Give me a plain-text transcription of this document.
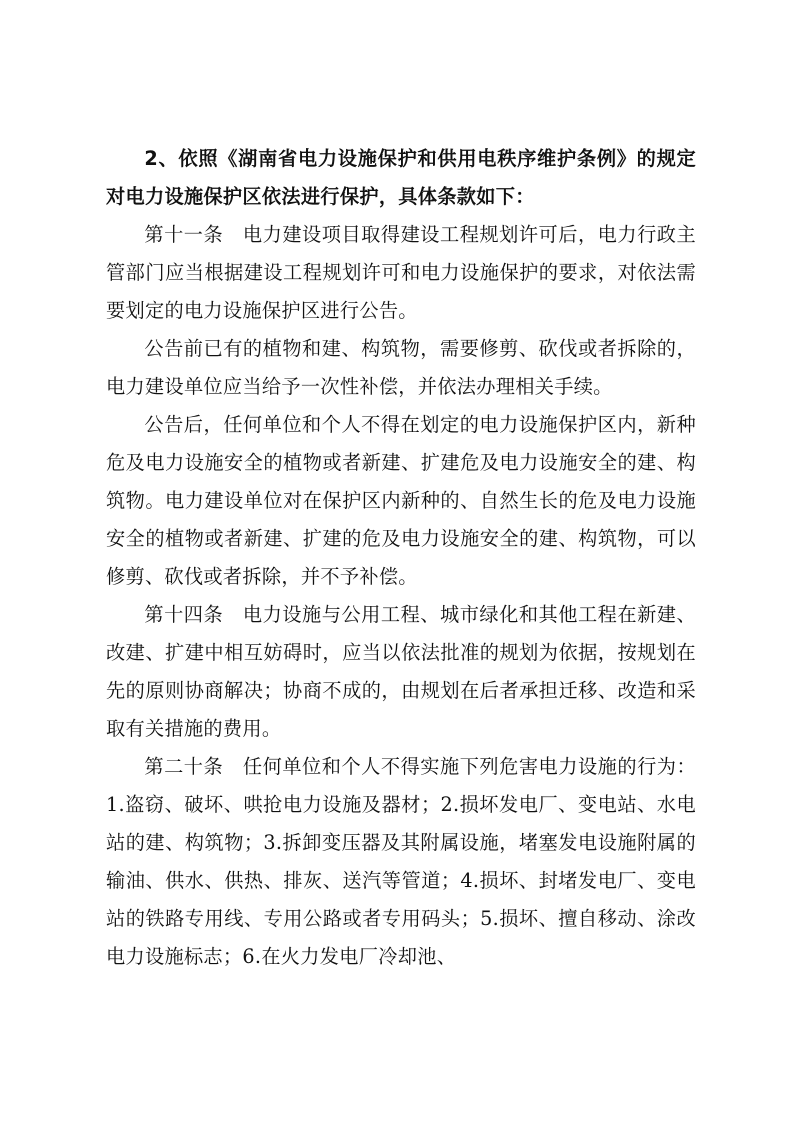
2、依照《湖南省电力设施保护和供用电秩序维护条例》的规定对电力设施保护区依法进行保护，具体条款如下：

第十一条　电力建设项目取得建设工程规划许可后，电力行政主管部门应当根据建设工程规划许可和电力设施保护的要求，对依法需要划定的电力设施保护区进行公告。

公告前已有的植物和建、构筑物，需要修剪、砍伐或者拆除的，电力建设单位应当给予一次性补偿，并依法办理相关手续。

公告后，任何单位和个人不得在划定的电力设施保护区内，新种危及电力设施安全的植物或者新建、扩建危及电力设施安全的建、构筑物。电力建设单位对在保护区内新种的、自然生长的危及电力设施安全的植物或者新建、扩建的危及电力设施安全的建、构筑物，可以修剪、砍伐或者拆除，并不予补偿。

第十四条　电力设施与公用工程、城市绿化和其他工程在新建、改建、扩建中相互妨碍时，应当以依法批准的规划为依据，按规划在先的原则协商解决；协商不成的，由规划在后者承担迁移、改造和采取有关措施的费用。

第二十条　任何单位和个人不得实施下列危害电力设施的行为：1.盗窃、破坏、哄抢电力设施及器材；2.损坏发电厂、变电站、水电站的建、构筑物；3.拆卸变压器及其附属设施，堵塞发电设施附属的输油、供水、供热、排灰、送汽等管道；4.损坏、封堵发电厂、变电站的铁路专用线、专用公路或者专用码头；5.损坏、擅自移动、涂改电力设施标志；6.在火力发电厂冷却池、
